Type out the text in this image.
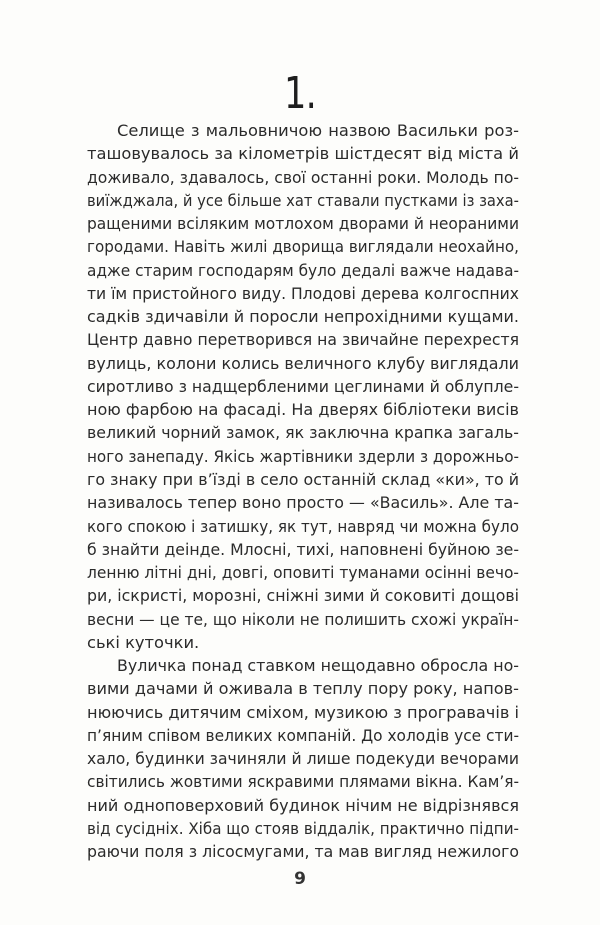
1.
Селище з мальовничою назвою Васильки роз-
ташовувалось за кілометрів шістдесят від міста й
доживало, здавалось, свої останні роки. Молодь по-
виїжджала, й усе більше хат ставали пустками із заха-
ращеними всіляким мотлохом дворами й неораними
городами. Навіть жилі дворища виглядали неохайно,
адже старим господарям було дедалі важче надава-
ти їм пристойного виду. Плодові дерева колгоспних
садків здичавіли й поросли непрохідними кущами.
Центр давно перетворився на звичайне перехрестя
вулиць, колони колись величного клубу виглядали
сиротливо з надщербленими цеглинами й облупле-
ною фарбою на фасаді. На дверях бібліотеки висів
великий чорний замок, як заключна крапка загаль-
ного занепаду. Якісь жартівники здерли з дорожньо-
го знаку при в’їзді в село останній склад «ки», то й
називалось тепер воно просто — «Василь». Але та-
кого спокою і затишку, як тут, навряд чи можна було
б знайти деінде. Млосні, тихі, наповнені буйною зе-
ленню літні дні, довгі, оповиті туманами осінні вечо-
ри, іскристі, морозні, сніжні зими й соковиті дощові
весни — це те, що ніколи не полишить схожі україн-
ські куточки.
Вуличка понад ставком нещодавно обросла но-
вими дачами й оживала в теплу пору року, напов-
нюючись дитячим сміхом, музикою з програвачів і
п’яним співом великих компаній. До холодів усе сти-
хало, будинки зачиняли й лише подекуди вечорами
світились жовтими яскравими плямами вікна. Кам’я-
ний одноповерховий будинок нічим не відрізнявся
від сусідніх. Хіба що стояв віддалік, практично підпи-
раючи поля з лісосмугами, та мав вигляд нежилого
9
